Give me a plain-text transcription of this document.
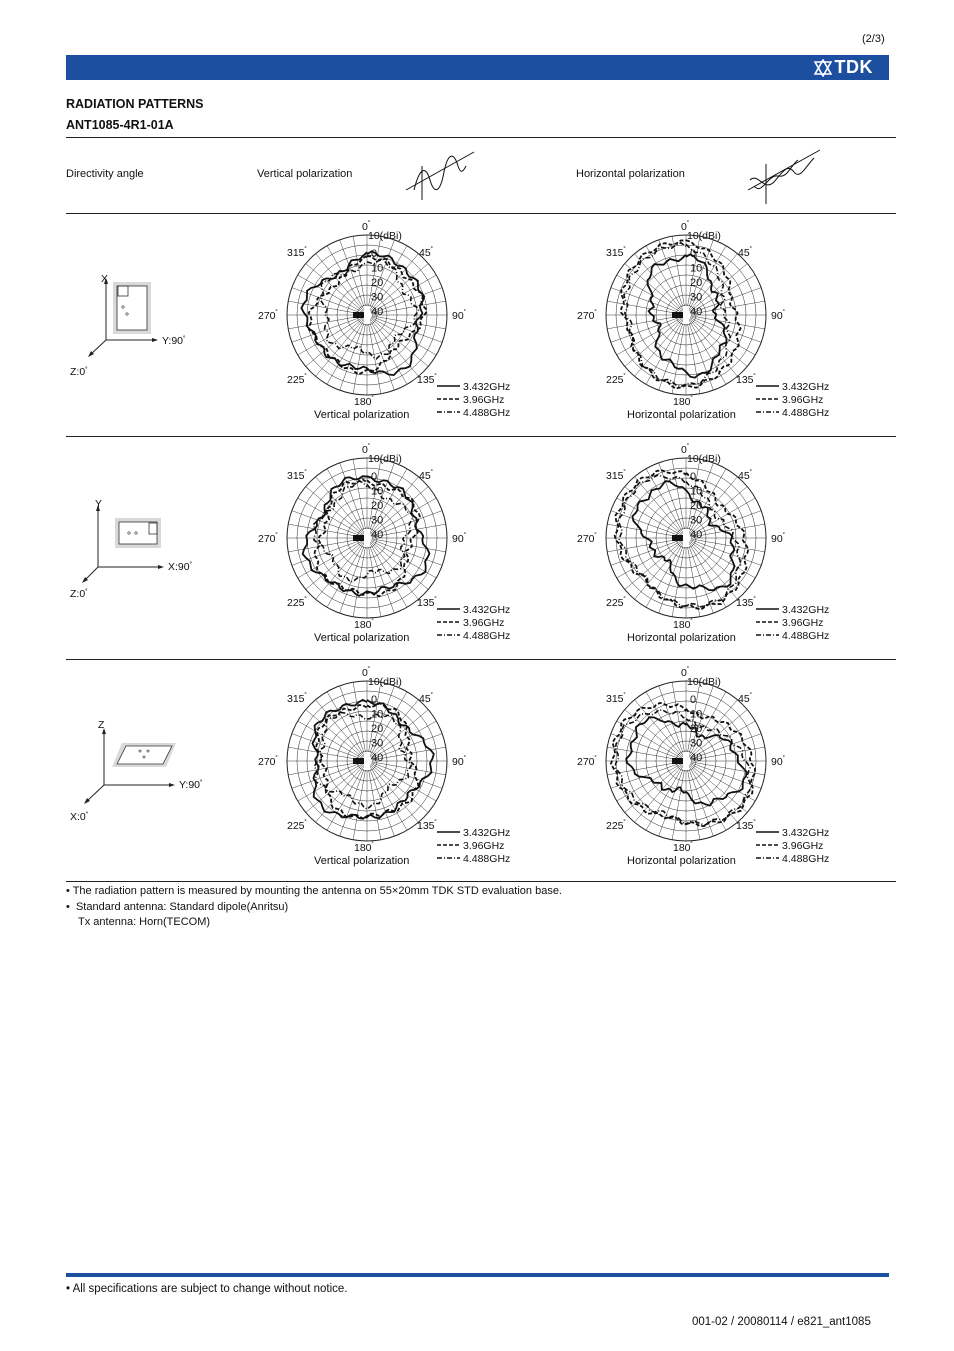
(2/3)
TDK
RADIATION PATTERNS
ANT1085-4R1-01A
Directivity angle	Vertical polarization	Horizontal polarization
X
Y:90 ˚
Z:0 ˚
Y
X:90 ˚
Z:0 ˚
Z
Y:90 ˚
X:0 ˚
0
10
20
30
40
10(dBi)
0˚
45˚
90˚
135˚
180˚
225˚
270˚
315˚
Vertical polarization
3.432GHz
3.96GHz
4.488GHz
0
10
20
30
40
10(dBi)
0˚
45˚
90˚
135˚
180˚
225˚
270˚
315˚
Horizontal polarization
3.432GHz
3.96GHz
4.488GHz
0
10
20
30
40
10(dBi)
0˚
45˚
90˚
135˚
180˚
225˚
270˚
315˚
Vertical polarization
3.432GHz
3.96GHz
4.488GHz
0
10
20
30
40
10(dBi)
0˚
45˚
90˚
135˚
180˚
225˚
270˚
315˚
Horizontal polarization
3.432GHz
3.96GHz
4.488GHz
0
10
20
30
40
10(dBi)
0˚
45˚
90˚
135˚
180˚
225˚
270˚
315˚
Vertical polarization
3.432GHz
3.96GHz
4.488GHz
0
10
20
30
40
10(dBi)
0˚
45˚
90˚
135˚
180˚
225˚
270˚
315˚
Horizontal polarization
3.432GHz
3.96GHz
4.488GHz
• The radiation pattern is measured by mounting the antenna on 55×20mm TDK STD evaluation base.
•  Standard antenna: Standard dipole(Anritsu)
Tx antenna: Horn(TECOM)
• All specifications are subject to change without notice.
001-02 / 20080114 / e821_ant1085
